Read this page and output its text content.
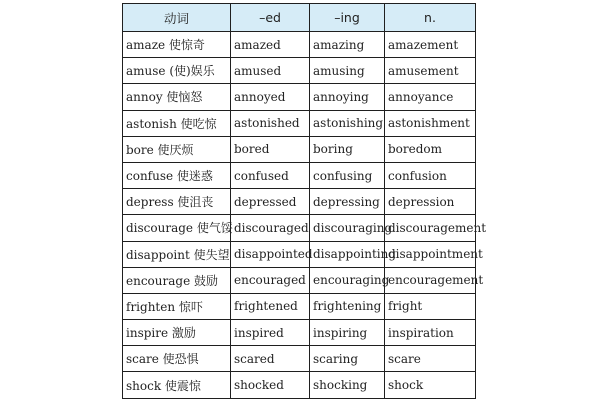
动词	–ed	–ing	n.
amaze 使惊奇	amazed	amazing	amazement
amuse (使)娱乐	amused	amusing	amusement
annoy 使恼怒	annoyed	annoying	annoyance
astonish 使吃惊	astonished	astonishing	astonishment
bore 使厌烦	bored	boring	boredom
confuse 使迷惑	confused	confusing	confusion
depress 使沮丧	depressed	depressing	depression
discourage 使气馁	discouraged	discouraging	discouragement
disappoint 使失望	disappointed	disappointing	disappointment
encourage 鼓励	encouraged	encouraging	encouragement
frighten 惊吓	frightened	frightening	fright
inspire 激励	inspired	inspiring	inspiration
scare 使恐惧	scared	scaring	scare
shock 使震惊	shocked	shocking	shock
